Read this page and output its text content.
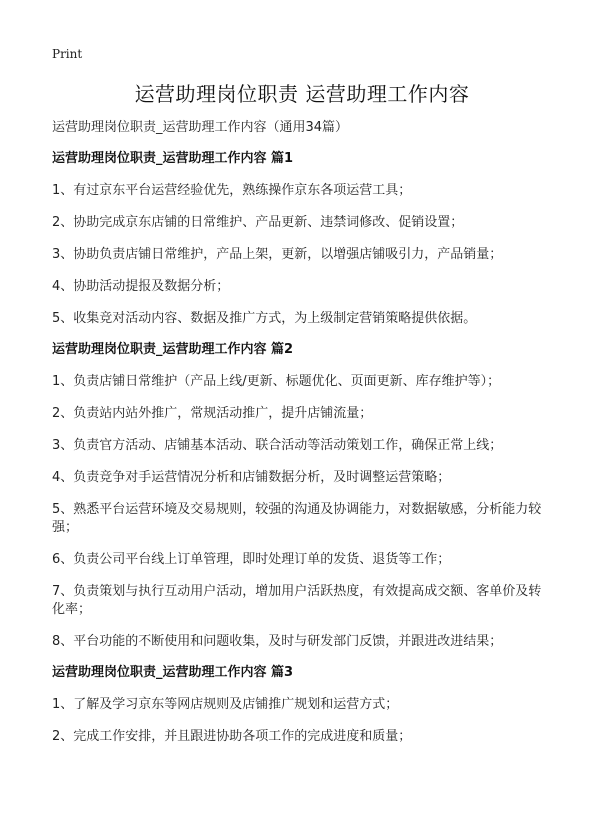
Print
运营助理岗位职责 运营助理工作内容

运营助理岗位职责_运营助理工作内容（通用34篇）

运营助理岗位职责_运营助理工作内容 篇1
1、有过京东平台运营经验优先，熟练操作京东各项运营工具；
2、协助完成京东店铺的日常维护、产品更新、违禁词修改、促销设置；
3、协助负责店铺日常维护，产品上架，更新，以增强店铺吸引力，产品销量；
4、协助活动提报及数据分析；
5、收集竞对活动内容、数据及推广方式，为上级制定营销策略提供依据。
运营助理岗位职责_运营助理工作内容 篇2
1、负责店铺日常维护（产品上线/更新、标题优化、页面更新、库存维护等）；
2、负责站内站外推广，常规活动推广，提升店铺流量；
3、负责官方活动、店铺基本活动、联合活动等活动策划工作，确保正常上线；
4、负责竞争对手运营情况分析和店铺数据分析，及时调整运营策略；
5、熟悉平台运营环境及交易规则，较强的沟通及协调能力，对数据敏感，分析能力较强；
6、负责公司平台线上订单管理，即时处理订单的发货、退货等工作；
7、负责策划与执行互动用户活动，增加用户活跃热度，有效提高成交额、客单价及转化率；
8、平台功能的不断使用和问题收集，及时与研发部门反馈，并跟进改进结果；
运营助理岗位职责_运营助理工作内容 篇3
1、了解及学习京东等网店规则及店铺推广规划和运营方式；
2、完成工作安排，并且跟进协助各项工作的完成进度和质量；
